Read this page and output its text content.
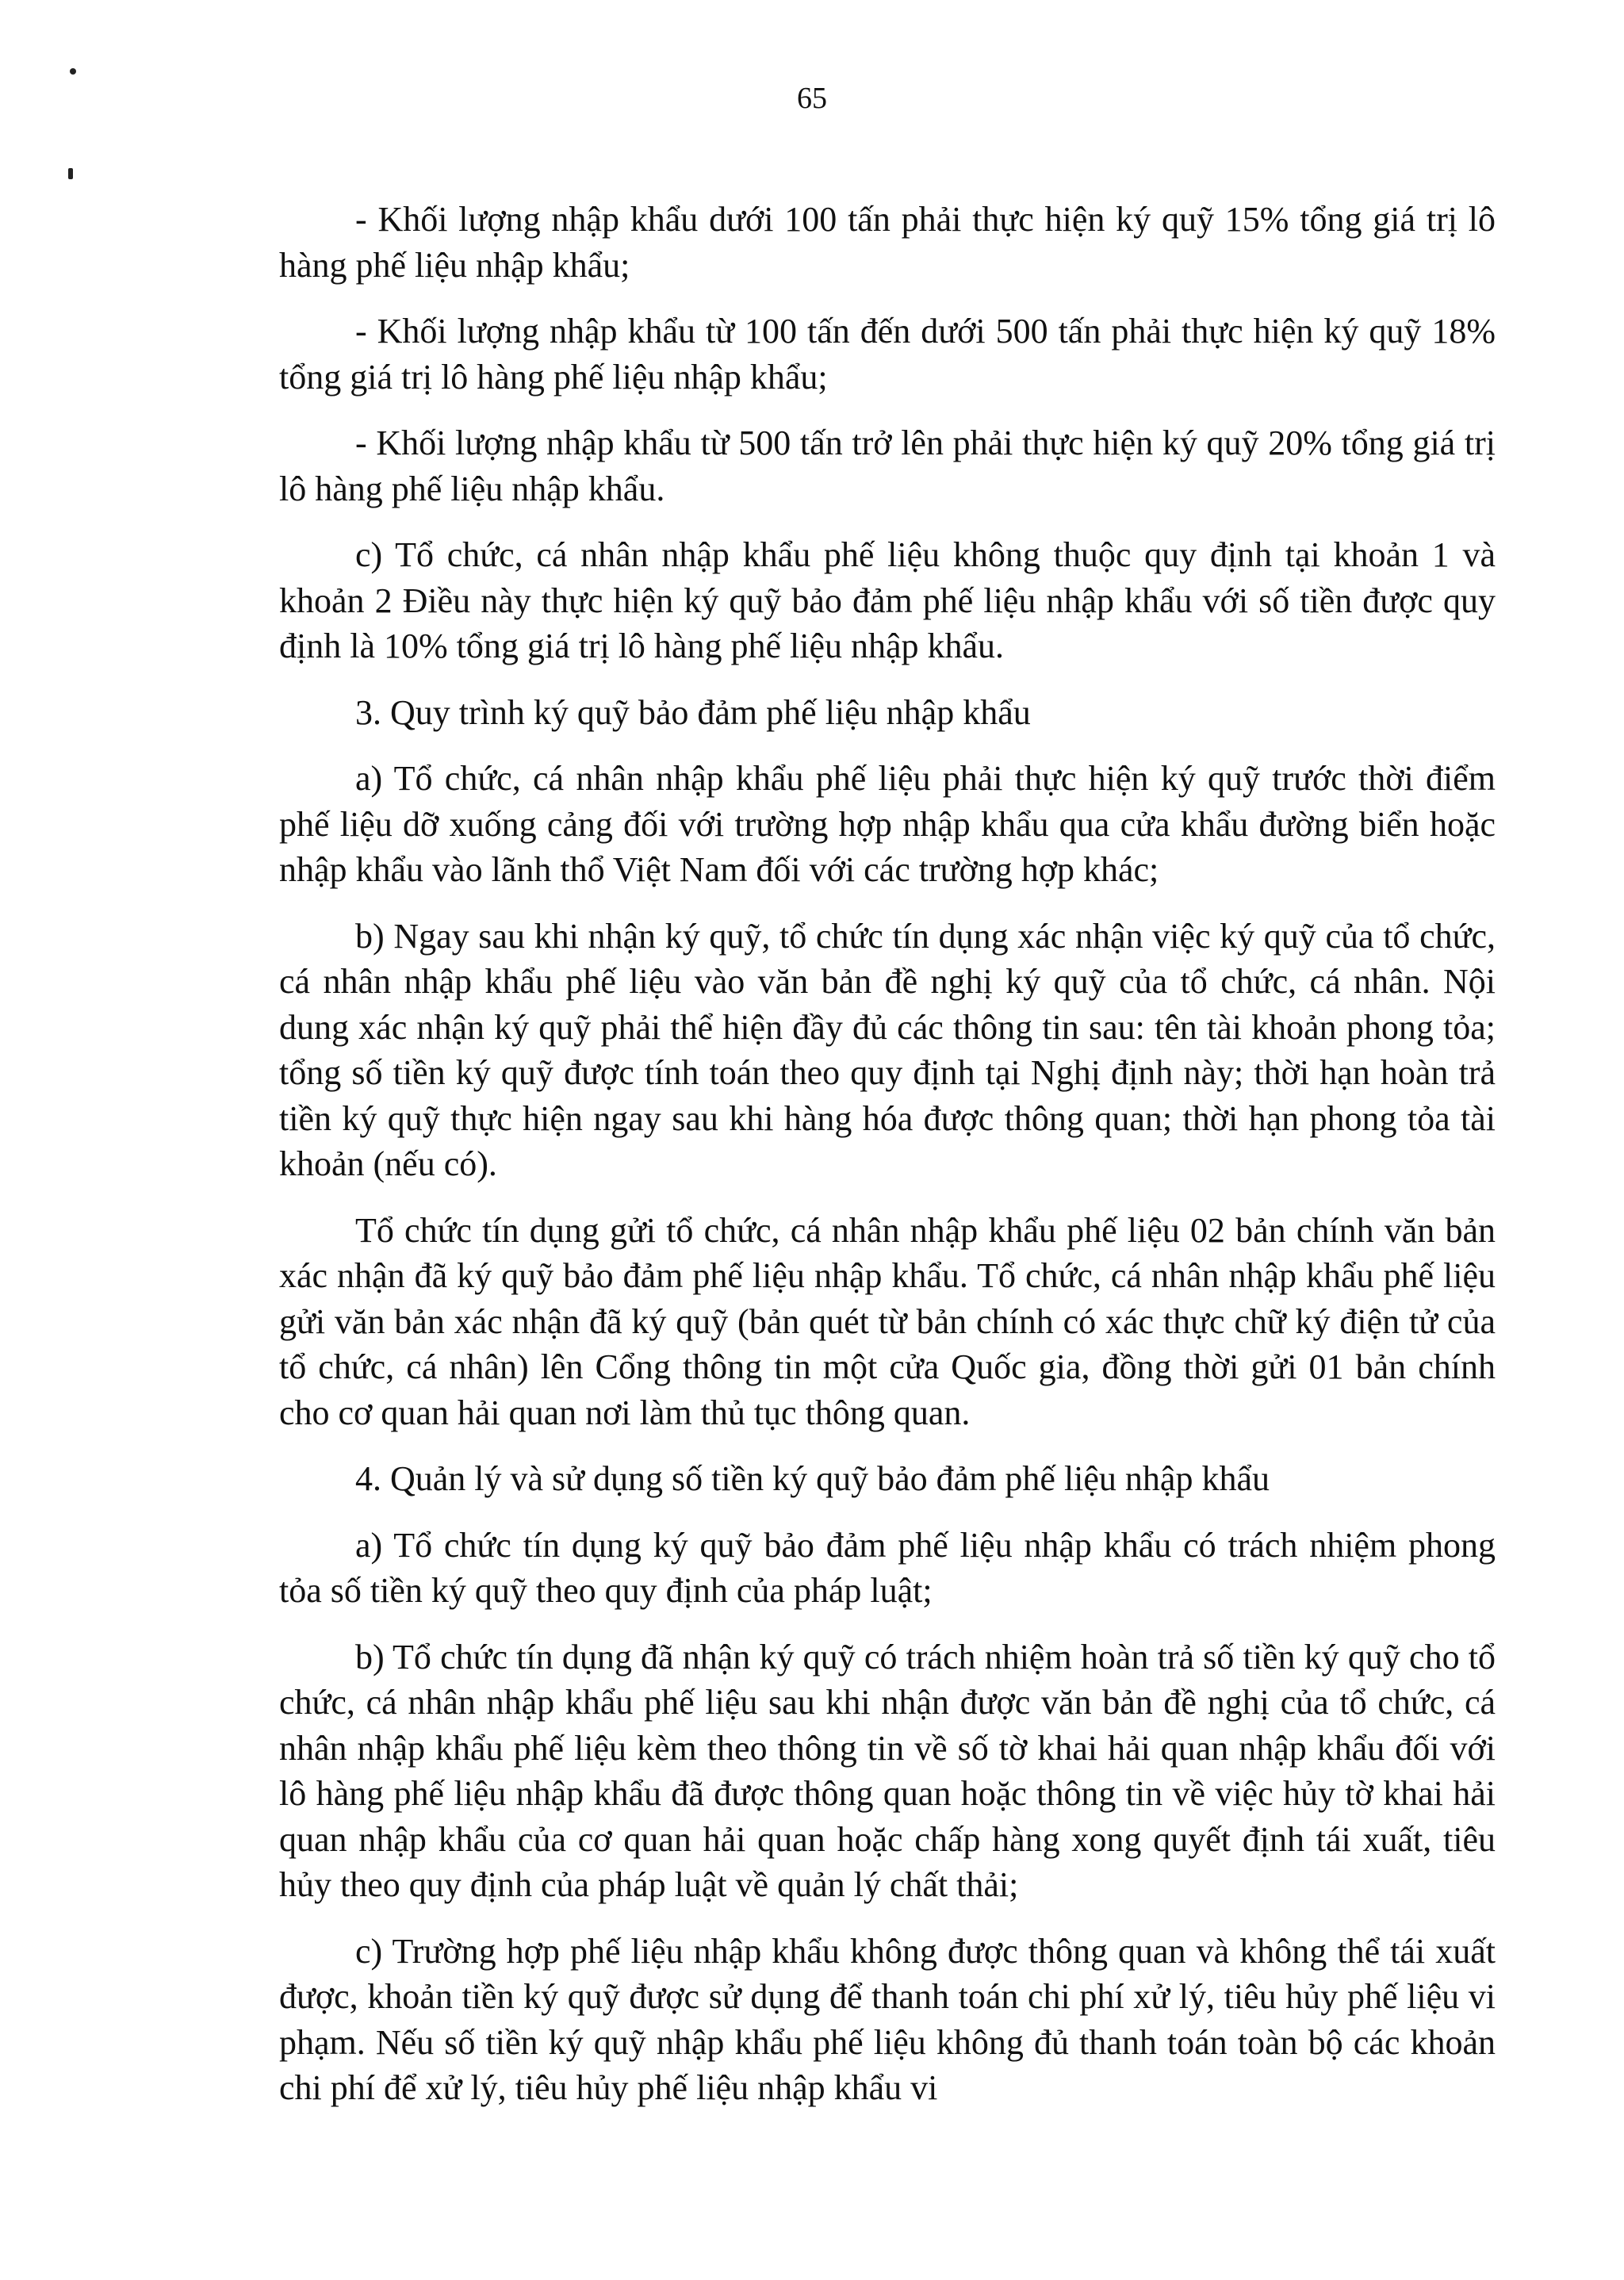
65

- Khối lượng nhập khẩu dưới 100 tấn phải thực hiện ký quỹ 15% tổng giá trị lô hàng phế liệu nhập khẩu;

- Khối lượng nhập khẩu từ 100 tấn đến dưới 500 tấn phải thực hiện ký quỹ 18% tổng giá trị lô hàng phế liệu nhập khẩu;

- Khối lượng nhập khẩu từ 500 tấn trở lên phải thực hiện ký quỹ 20% tổng giá trị lô hàng phế liệu nhập khẩu.

c) Tổ chức, cá nhân nhập khẩu phế liệu không thuộc quy định tại khoản 1 và khoản 2 Điều này thực hiện ký quỹ bảo đảm phế liệu nhập khẩu với số tiền được quy định là 10% tổng giá trị lô hàng phế liệu nhập khẩu.

3. Quy trình ký quỹ bảo đảm phế liệu nhập khẩu

a) Tổ chức, cá nhân nhập khẩu phế liệu phải thực hiện ký quỹ trước thời điểm phế liệu dỡ xuống cảng đối với trường hợp nhập khẩu qua cửa khẩu đường biển hoặc nhập khẩu vào lãnh thổ Việt Nam đối với các trường hợp khác;

b) Ngay sau khi nhận ký quỹ, tổ chức tín dụng xác nhận việc ký quỹ của tổ chức, cá nhân nhập khẩu phế liệu vào văn bản đề nghị ký quỹ của tổ chức, cá nhân. Nội dung xác nhận ký quỹ phải thể hiện đầy đủ các thông tin sau: tên tài khoản phong tỏa; tổng số tiền ký quỹ được tính toán theo quy định tại Nghị định này; thời hạn hoàn trả tiền ký quỹ thực hiện ngay sau khi hàng hóa được thông quan; thời hạn phong tỏa tài khoản (nếu có).

Tổ chức tín dụng gửi tổ chức, cá nhân nhập khẩu phế liệu 02 bản chính văn bản xác nhận đã ký quỹ bảo đảm phế liệu nhập khẩu. Tổ chức, cá nhân nhập khẩu phế liệu gửi văn bản xác nhận đã ký quỹ (bản quét từ bản chính có xác thực chữ ký điện tử của tổ chức, cá nhân) lên Cổng thông tin một cửa Quốc gia, đồng thời gửi 01 bản chính cho cơ quan hải quan nơi làm thủ tục thông quan.

4. Quản lý và sử dụng số tiền ký quỹ bảo đảm phế liệu nhập khẩu

a) Tổ chức tín dụng ký quỹ bảo đảm phế liệu nhập khẩu có trách nhiệm phong tỏa số tiền ký quỹ theo quy định của pháp luật;

b) Tổ chức tín dụng đã nhận ký quỹ có trách nhiệm hoàn trả số tiền ký quỹ cho tổ chức, cá nhân nhập khẩu phế liệu sau khi nhận được văn bản đề nghị của tổ chức, cá nhân nhập khẩu phế liệu kèm theo thông tin về số tờ khai hải quan nhập khẩu đối với lô hàng phế liệu nhập khẩu đã được thông quan hoặc thông tin về việc hủy tờ khai hải quan nhập khẩu của cơ quan hải quan hoặc chấp hàng xong quyết định tái xuất, tiêu hủy theo quy định của pháp luật về quản lý chất thải;

c) Trường hợp phế liệu nhập khẩu không được thông quan và không thể tái xuất được, khoản tiền ký quỹ được sử dụng để thanh toán chi phí xử lý, tiêu hủy phế liệu vi phạm. Nếu số tiền ký quỹ nhập khẩu phế liệu không đủ thanh toán toàn bộ các khoản chi phí để xử lý, tiêu hủy phế liệu nhập khẩu vi
